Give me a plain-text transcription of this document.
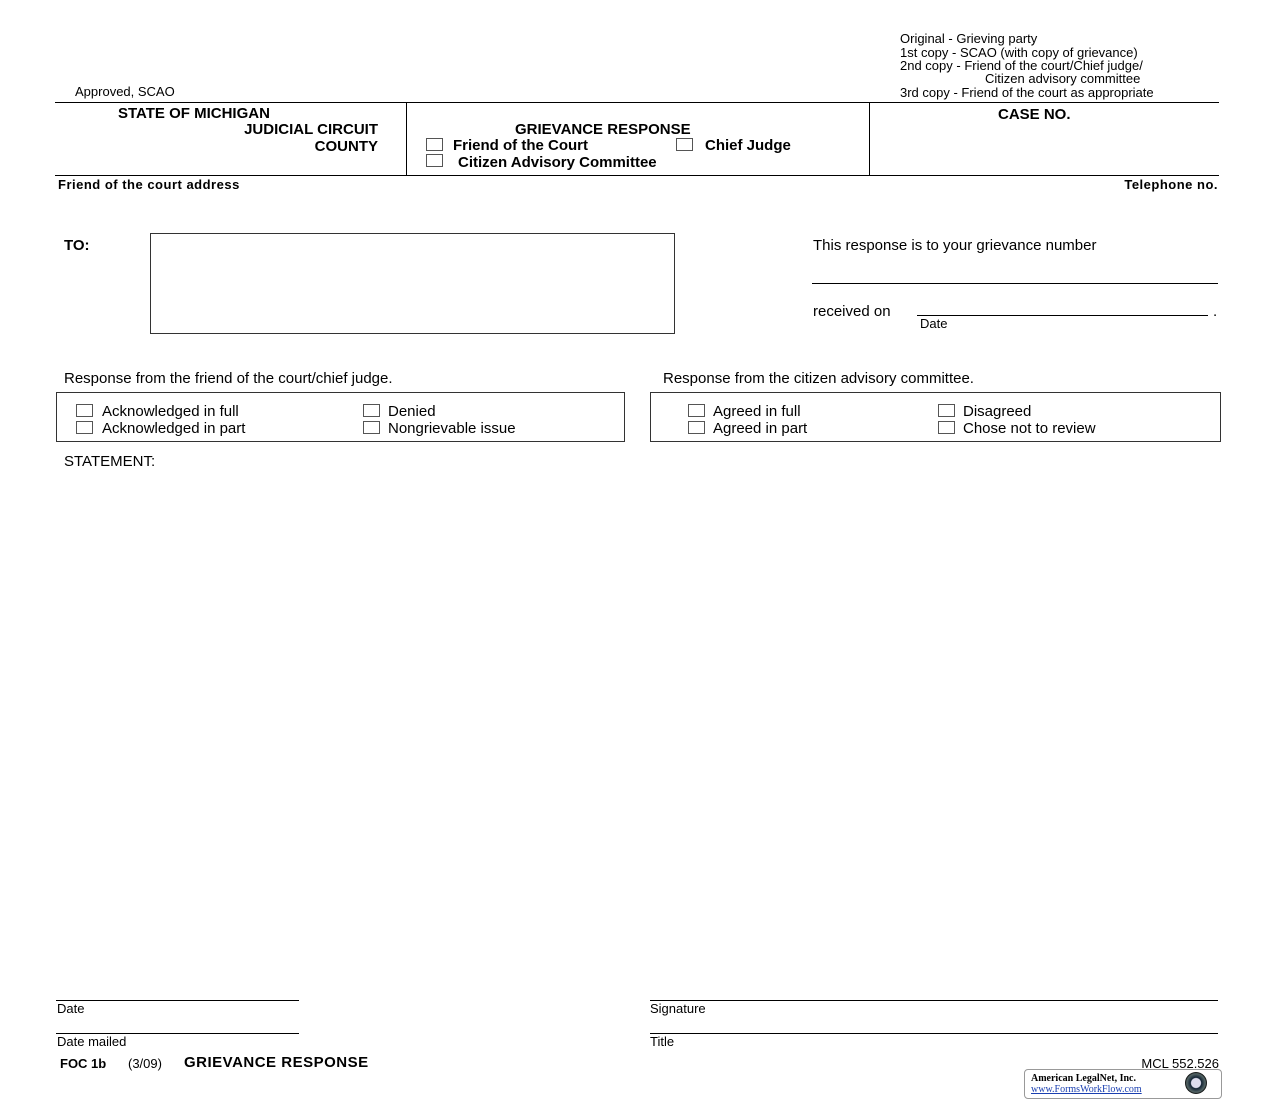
Approved, SCAO
Original - Grieving party
1st copy - SCAO (with copy of grievance)
2nd copy - Friend of the court/Chief judge/
Citizen advisory committee
3rd copy - Friend of the court as appropriate
STATE OF MICHIGAN
JUDICIAL CIRCUIT
COUNTY
GRIEVANCE RESPONSE
Friend of the Court	Chief Judge
Citizen Advisory Committee
CASE NO.
Friend of the court address	Telephone no.
TO:	This response is to your grievance number
received on	.
Date
Response from the friend of the court/chief judge.
Acknowledged in full
Acknowledged in part
Denied
Nongrievable issue
Response from the citizen advisory committee.
Agreed in full
Agreed in part
Disagreed
Chose not to review
STATEMENT:
Date
Date mailed
Signature
Title
FOC 1b (3/09) GRIEVANCE RESPONSE	MCL 552.526
American LegalNet, Inc.
www.FormsWorkFlow.com
